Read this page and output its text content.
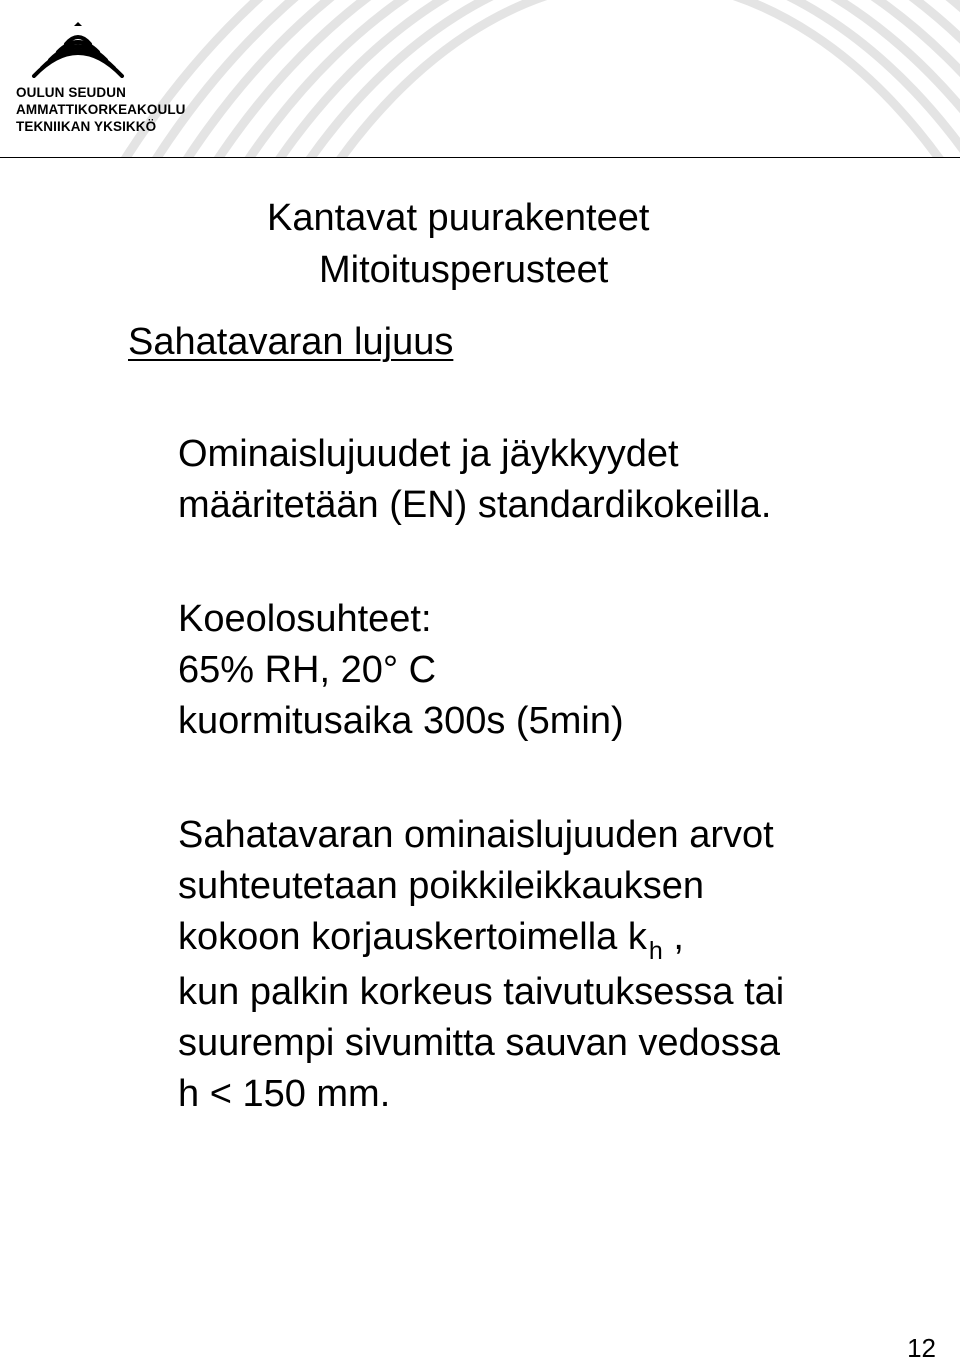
OULUN SEUDUN
AMMATTIKORKEAKOULU
TEKNIIKAN YKSIKKÖ
Kantavat puurakenteet
Mitoitusperusteet
Sahatavaran lujuus
Ominaislujuudet ja jäykkyydet
määritetään (EN) standardikokeilla.
Koeolosuhteet:
65% RH, 20° C
kuormitusaika 300s (5min)
Sahatavaran ominaislujuuden arvot
suhteutetaan poikkileikkauksen
kokoon korjauskertoimella $k_h$ ,
kun palkin korkeus taivutuksessa tai
suurempi sivumitta sauvan vedossa
h < 150 mm.
12
